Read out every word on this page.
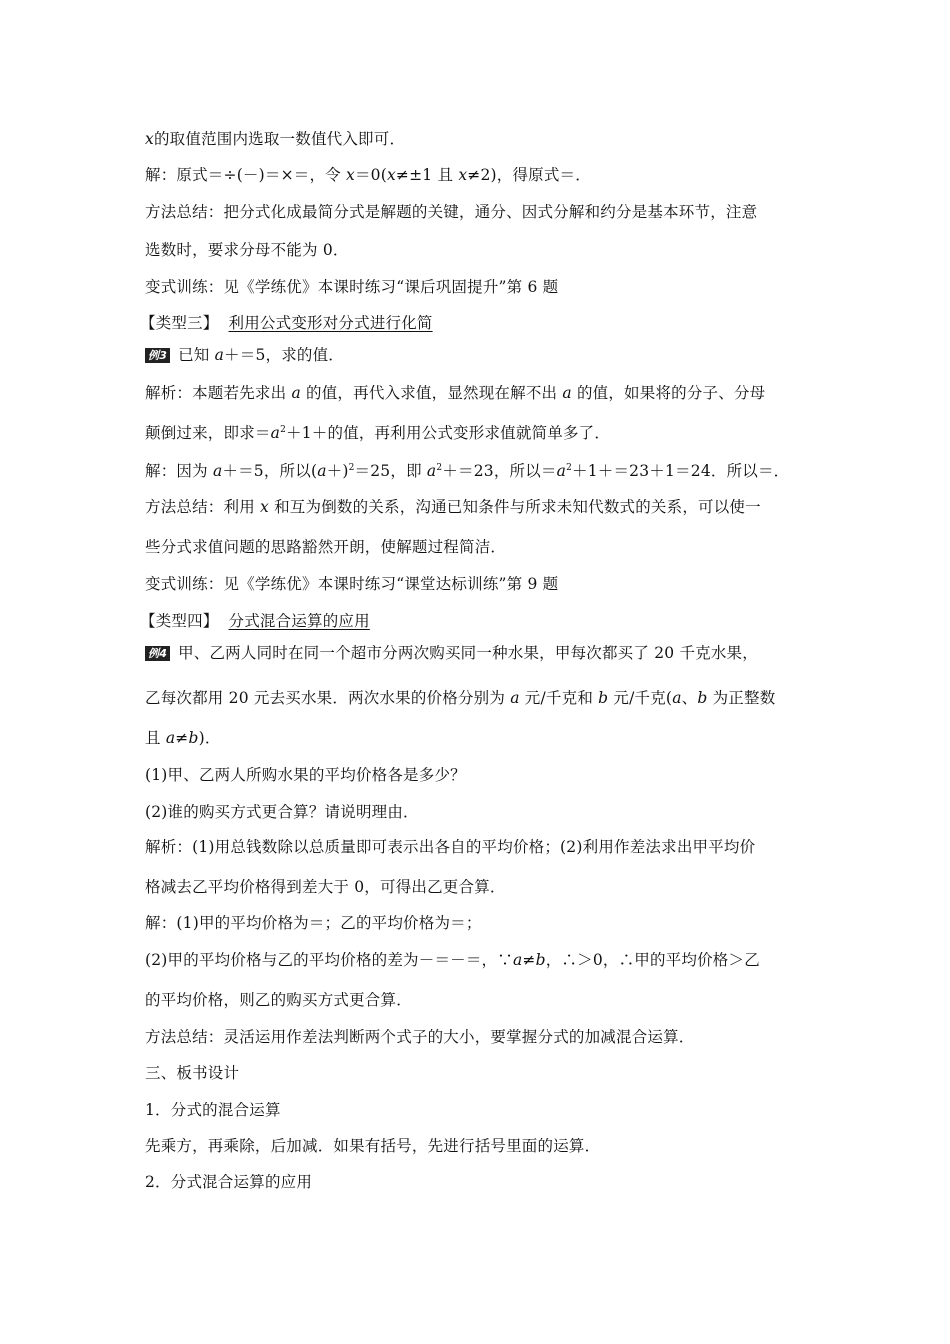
x的取值范围内选取一数值代入即可．
解：原式＝÷(－)＝×＝，令 x＝0(x≠±1 且 x≠2)，得原式＝．
方法总结：把分式化成最简分式是解题的关键，通分、因式分解和约分是基本环节，注意
选数时，要求分母不能为 0．
变式训练：见《学练优》本课时练习“课后巩固提升”第 6 题
【类型三】 利用公式变形对分式进行化简
例3 已知 a＋＝5，求的值．
解析：本题若先求出 a 的值，再代入求值，显然现在解不出 a 的值，如果将的分子、分母
颠倒过来，即求$=a^2+1+$的值，再利用公式变形求值就简单多了．
解：因为 a＋＝5，所以$(a+)^2=25$，即 $a^2+=23$，所以$=a^2+1+=23+1=24$．所以＝．
方法总结：利用 x 和互为倒数的关系，沟通已知条件与所求未知代数式的关系，可以使一
些分式求值问题的思路豁然开朗，使解题过程简洁．
变式训练：见《学练优》本课时练习“课堂达标训练”第 9 题
【类型四】 分式混合运算的应用
例4 甲、乙两人同时在同一个超市分两次购买同一种水果，甲每次都买了 20 千克水果，
乙每次都用 20 元去买水果．两次水果的价格分别为 a 元/千克和 b 元/千克(a、b 为正整数
且 a≠b)．
(1)甲、乙两人所购水果的平均价格各是多少？
(2)谁的购买方式更合算？请说明理由．
解析：(1)用总钱数除以总质量即可表示出各自的平均价格；(2)利用作差法求出甲平均价
格减去乙平均价格得到差大于 0，可得出乙更合算．
解：(1)甲的平均价格为＝；乙的平均价格为＝；
(2)甲的平均价格与乙的平均价格的差为－＝－＝，∵a≠b，∴＞0，∴甲的平均价格＞乙
的平均价格，则乙的购买方式更合算．
方法总结：灵活运用作差法判断两个式子的大小，要掌握分式的加减混合运算．
三、板书设计
1．分式的混合运算
先乘方，再乘除，后加减．如果有括号，先进行括号里面的运算．
2．分式混合运算的应用
